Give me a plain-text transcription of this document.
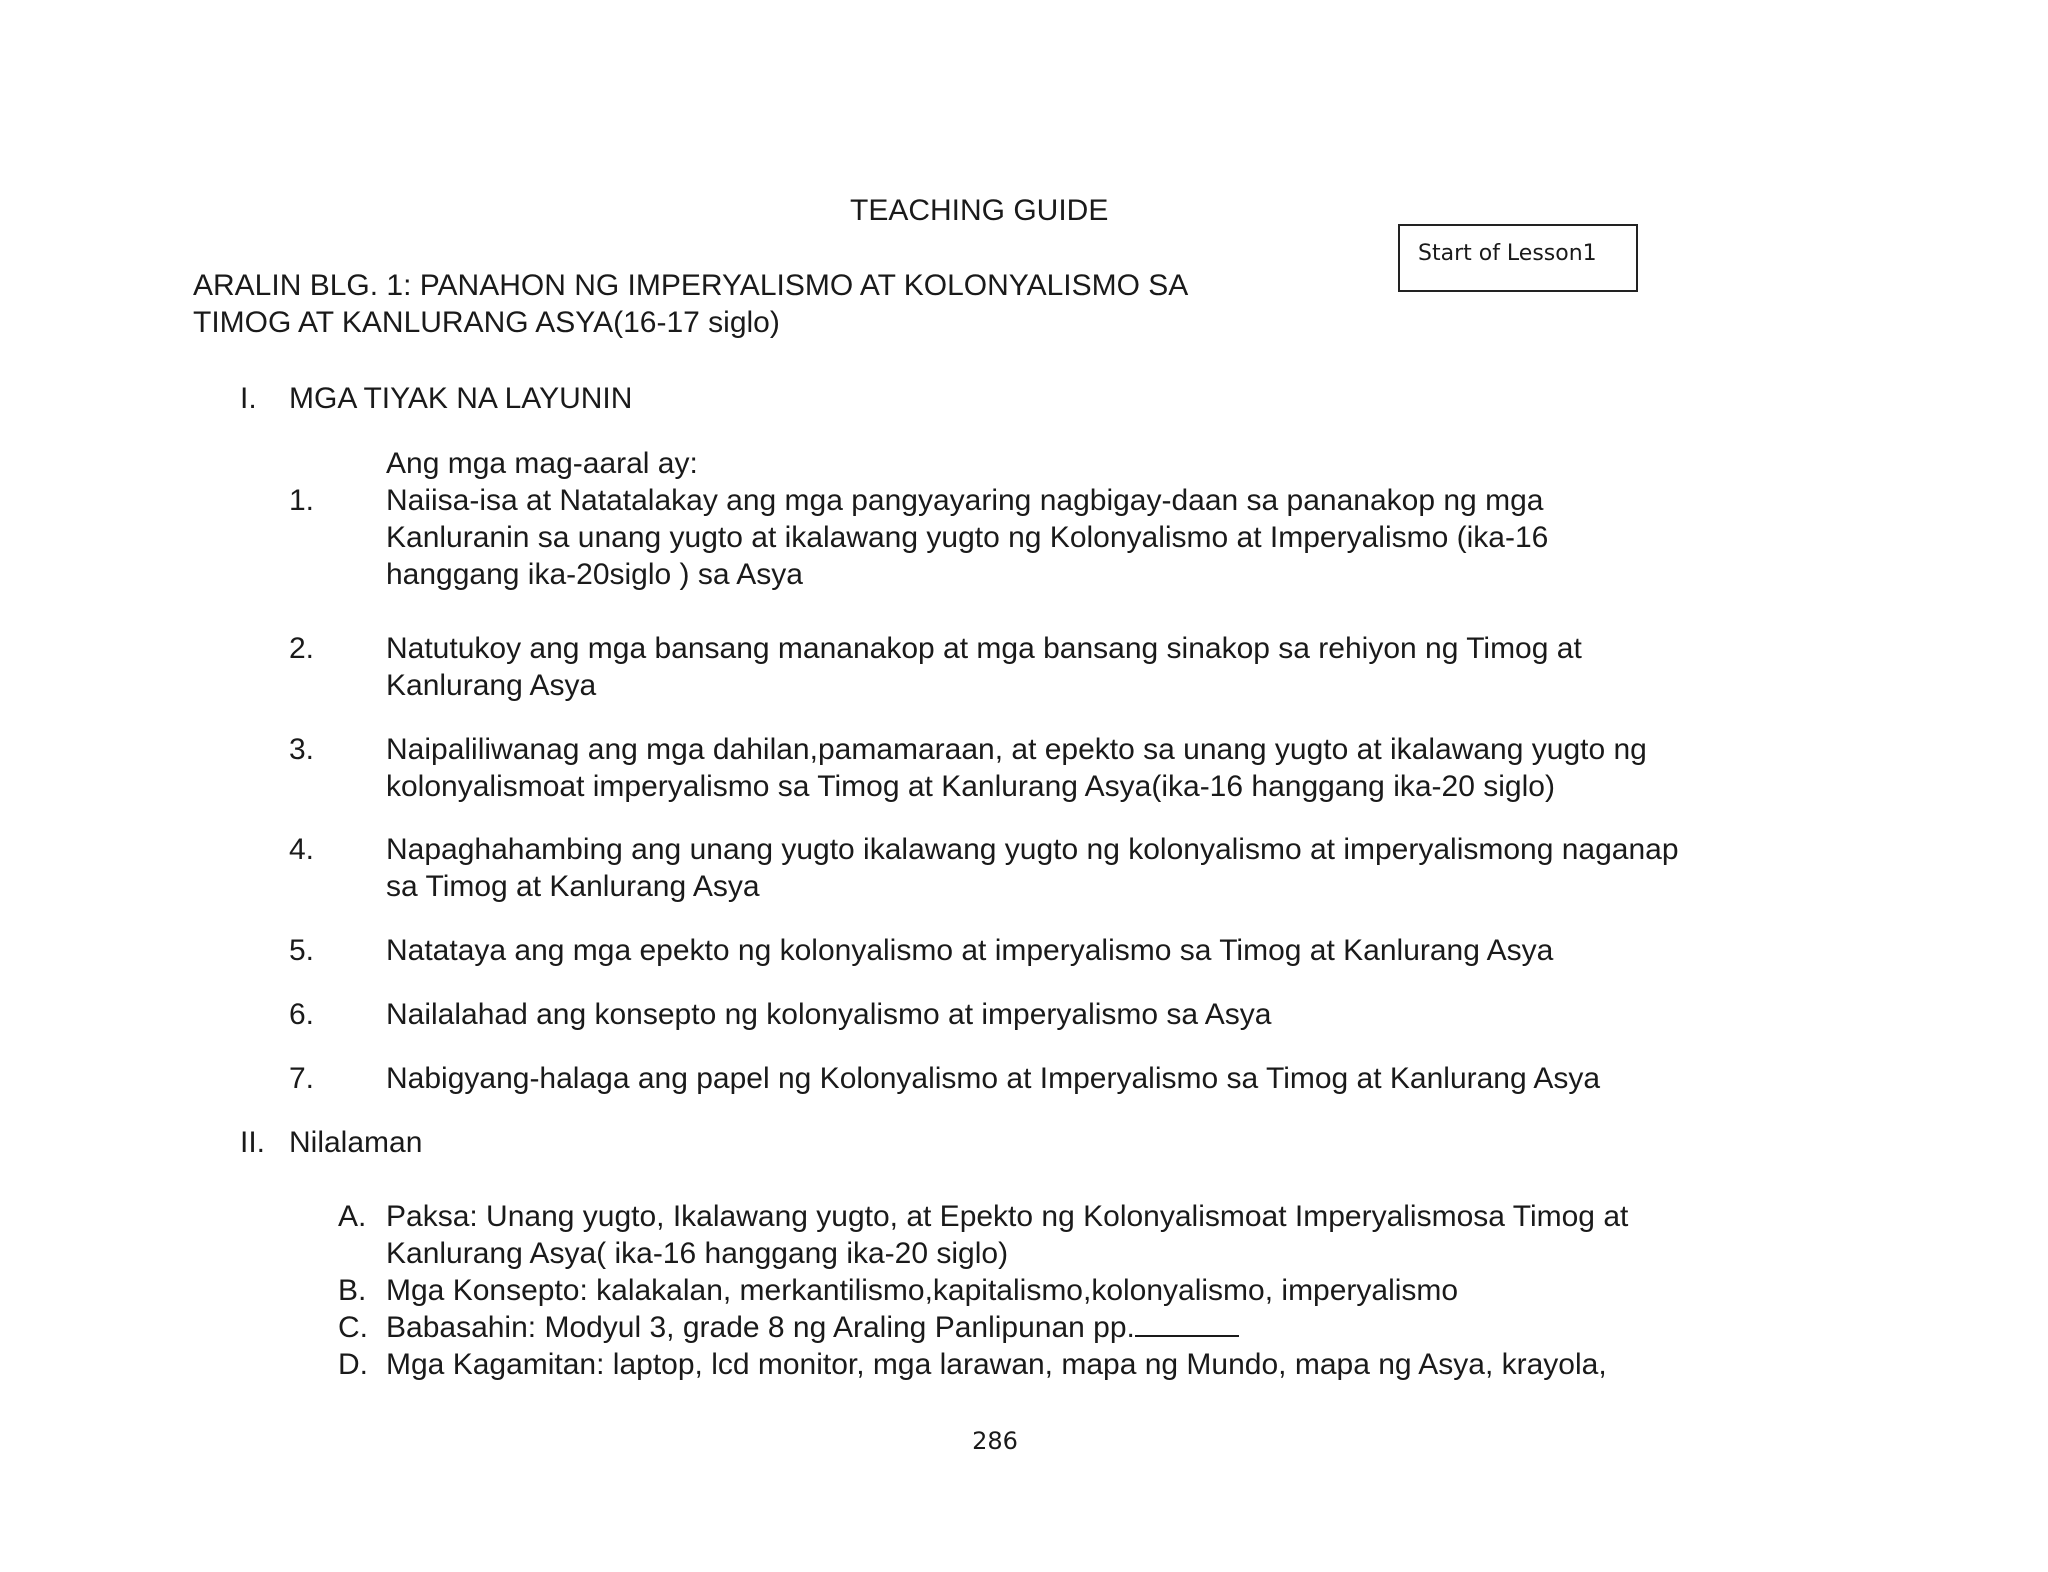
TEACHING GUIDE
Start of Lesson1
ARALIN BLG. 1: PANAHON NG IMPERYALISMO AT KOLONYALISMO SA
TIMOG AT KANLURANG ASYA(16-17 siglo)
I. MGA TIYAK NA LAYUNIN
Ang mga mag-aaral ay:
1. Naiisa-isa at Natatalakay ang mga pangyayaring nagbigay-daan sa pananakop ng mga
Kanluranin sa unang yugto at ikalawang yugto ng Kolonyalismo at Imperyalismo (ika-16
hanggang ika-20siglo ) sa Asya
2. Natutukoy ang mga bansang mananakop at mga bansang sinakop sa rehiyon ng Timog at
Kanlurang Asya
3. Naipaliliwanag ang mga dahilan,pamamaraan, at epekto sa unang yugto at ikalawang yugto ng
kolonyalismoat imperyalismo sa Timog at Kanlurang Asya(ika-16 hanggang ika-20 siglo)
4. Napaghahambing ang unang yugto ikalawang yugto ng kolonyalismo at imperyalismong naganap
sa Timog at Kanlurang Asya
5. Natataya ang mga epekto ng kolonyalismo at imperyalismo sa Timog at Kanlurang Asya
6. Nailalahad ang konsepto ng kolonyalismo at imperyalismo sa Asya
7. Nabigyang-halaga ang papel ng Kolonyalismo at Imperyalismo sa Timog at Kanlurang Asya
II. Nilalaman
A. Paksa: Unang yugto, Ikalawang yugto, at Epekto ng Kolonyalismoat Imperyalismosa Timog at
Kanlurang Asya( ika-16 hanggang ika-20 siglo)
B. Mga Konsepto: kalakalan, merkantilismo,kapitalismo,kolonyalismo, imperyalismo
C. Babasahin: Modyul 3, grade 8 ng Araling Panlipunan pp.
D. Mga Kagamitan: laptop, lcd monitor, mga larawan, mapa ng Mundo, mapa ng Asya, krayola,
286
